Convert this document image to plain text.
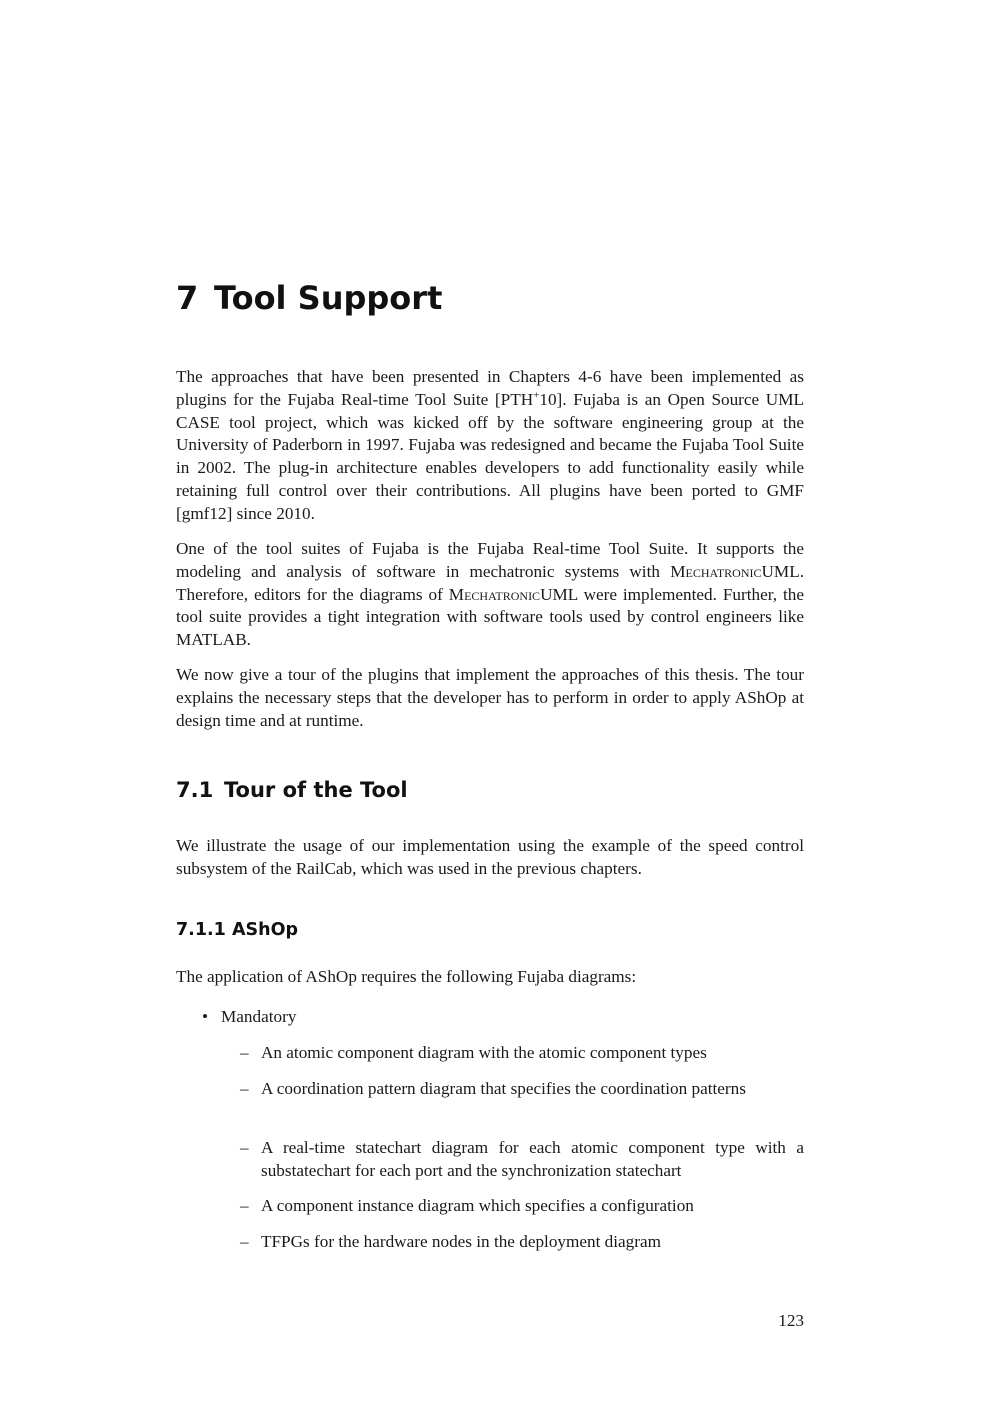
7 Tool Support

The approaches that have been presented in Chapters 4-6 have been implemented as plugins for the Fujaba Real-time Tool Suite [PTH+10]. Fujaba is an Open Source UML CASE tool project, which was kicked off by the software engineering group at the University of Paderborn in 1997. Fujaba was redesigned and became the Fujaba Tool Suite in 2002. The plug-in architecture enables developers to add functionality easily while retaining full control over their contributions. All plugins have been ported to GMF [gmf12] since 2010.

One of the tool suites of Fujaba is the Fujaba Real-time Tool Suite. It supports the modeling and analysis of software in mechatronic systems with MechatronicUML. Therefore, editors for the diagrams of MechatronicUML were implemented. Further, the tool suite provides a tight integration with software tools used by control engineers like MATLAB.

We now give a tour of the plugins that implement the approaches of this thesis. The tour explains the necessary steps that the developer has to perform in order to apply AShOp at design time and at runtime.

7.1 Tour of the Tool

We illustrate the usage of our implementation using the example of the speed control subsystem of the RailCab, which was used in the previous chapters.

7.1.1 AShOp

The application of AShOp requires the following Fujaba diagrams:

• Mandatory
– An atomic component diagram with the atomic component types
– A coordination pattern diagram that specifies the coordination patterns
– A real-time statechart diagram for each atomic component type with a substatechart for each port and the synchronization statechart
– A component instance diagram which specifies a configuration
– TFPGs for the hardware nodes in the deployment diagram
123
